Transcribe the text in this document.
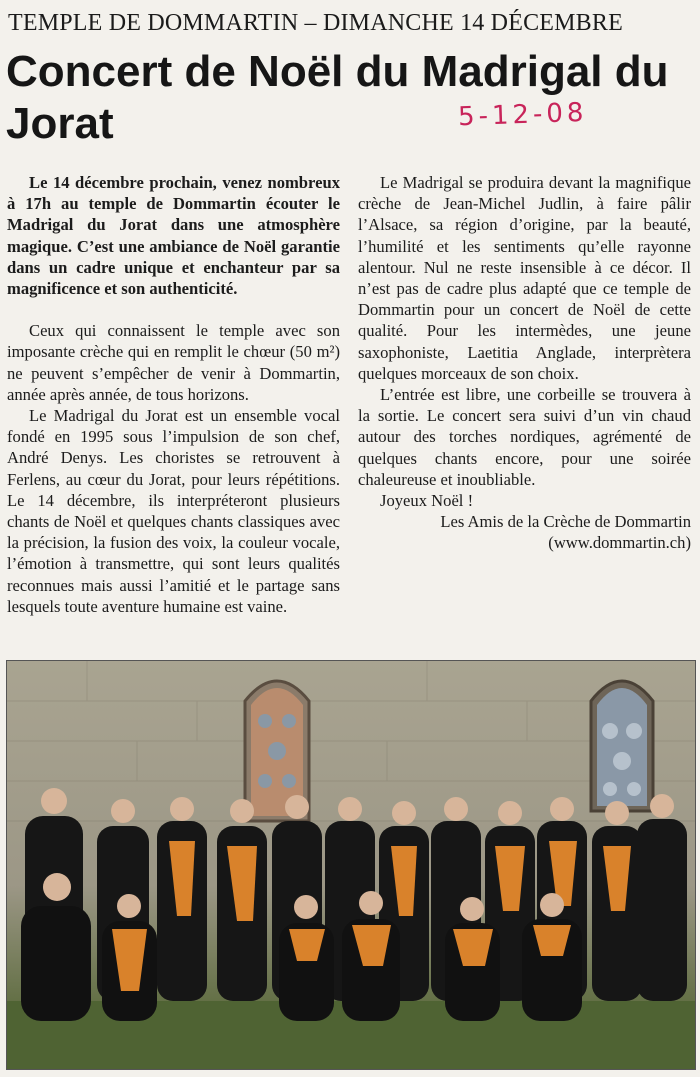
TEMPLE DE DOMMARTIN – DIMANCHE 14 DÉCEMBRE
Concert de Noël du Madrigal du Jorat	5-12-08

Le 14 décembre prochain, venez nombreux à 17h au temple de Dommartin écouter le Madrigal du Jorat dans une atmosphère magique. C’est une ambiance de Noël garantie dans un cadre unique et enchanteur par sa magnificence et son authenticité.

Ceux qui connaissent le temple avec son imposante crèche qui en remplit le chœur (50 m²) ne peuvent s’empêcher de venir à Dommartin, année après année, de tous horizons.

Le Madrigal du Jorat est un ensemble vocal fondé en 1995 sous l’impulsion de son chef, André Denys. Les choristes se retrouvent à Ferlens, au cœur du Jorat, pour leurs répétitions. Le 14 décembre, ils interpréteront plusieurs chants de Noël et quelques chants classiques avec la précision, la fusion des voix, la couleur vocale, l’émotion à transmettre, qui sont leurs qualités reconnues mais aussi l’amitié et le partage sans lesquels toute aventure humaine est vaine.

Le Madrigal se produira devant la magnifique crèche de Jean-Michel Judlin, à faire pâlir l’Alsace, sa région d’origine, par la beauté, l’humilité et les sentiments qu’elle rayonne alentour. Nul ne reste insensible à ce décor. Il n’est pas de cadre plus adapté que ce temple de Dommartin pour un concert de Noël de cette qualité. Pour les intermèdes, une jeune saxophoniste, Laetitia Anglade, interprètera quelques morceaux de son choix.

L’entrée est libre, une corbeille se trouvera à la sortie. Le concert sera suivi d’un vin chaud autour des torches nordiques, agrémenté de quelques chants encore, pour une soirée chaleureuse et inoubliable.

Joyeux Noël !

Les Amis de la Crèche de Dommartin

(www.dommartin.ch)
